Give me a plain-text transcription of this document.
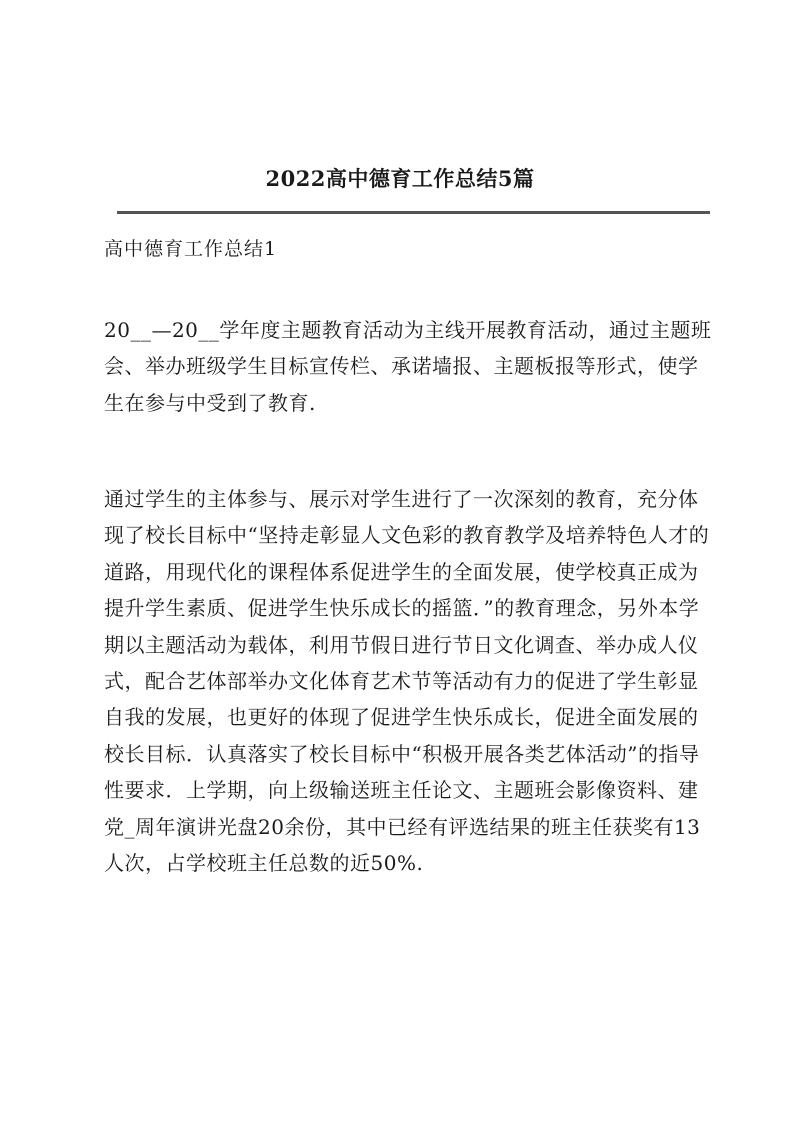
2022高中德育工作总结5篇
高中德育工作总结1

20__—20__学年度主题教育活动为主线开展教育活动，通过主题班会、举办班级学生目标宣传栏、承诺墙报、主题板报等形式，使学生在参与中受到了教育.

通过学生的主体参与、展示对学生进行了一次深刻的教育，充分体现了校长目标中“坚持走彰显人文色彩的教育教学及培养特色人才的道路，用现代化的课程体系促进学生的全面发展，使学校真正成为提升学生素质、促进学生快乐成长的摇篮．”的教育理念，另外本学期以主题活动为载体，利用节假日进行节日文化调查、举办成人仪式，配合艺体部举办文化体育艺术节等活动有力的促进了学生彰显自我的发展，也更好的体现了促进学生快乐成长，促进全面发展的校长目标．认真落实了校长目标中“积极开展各类艺体活动”的指导性要求．上学期，向上级输送班主任论文、主题班会影像资料、建党_周年演讲光盘20余份，其中已经有评选结果的班主任获奖有13人次，占学校班主任总数的近50%.
